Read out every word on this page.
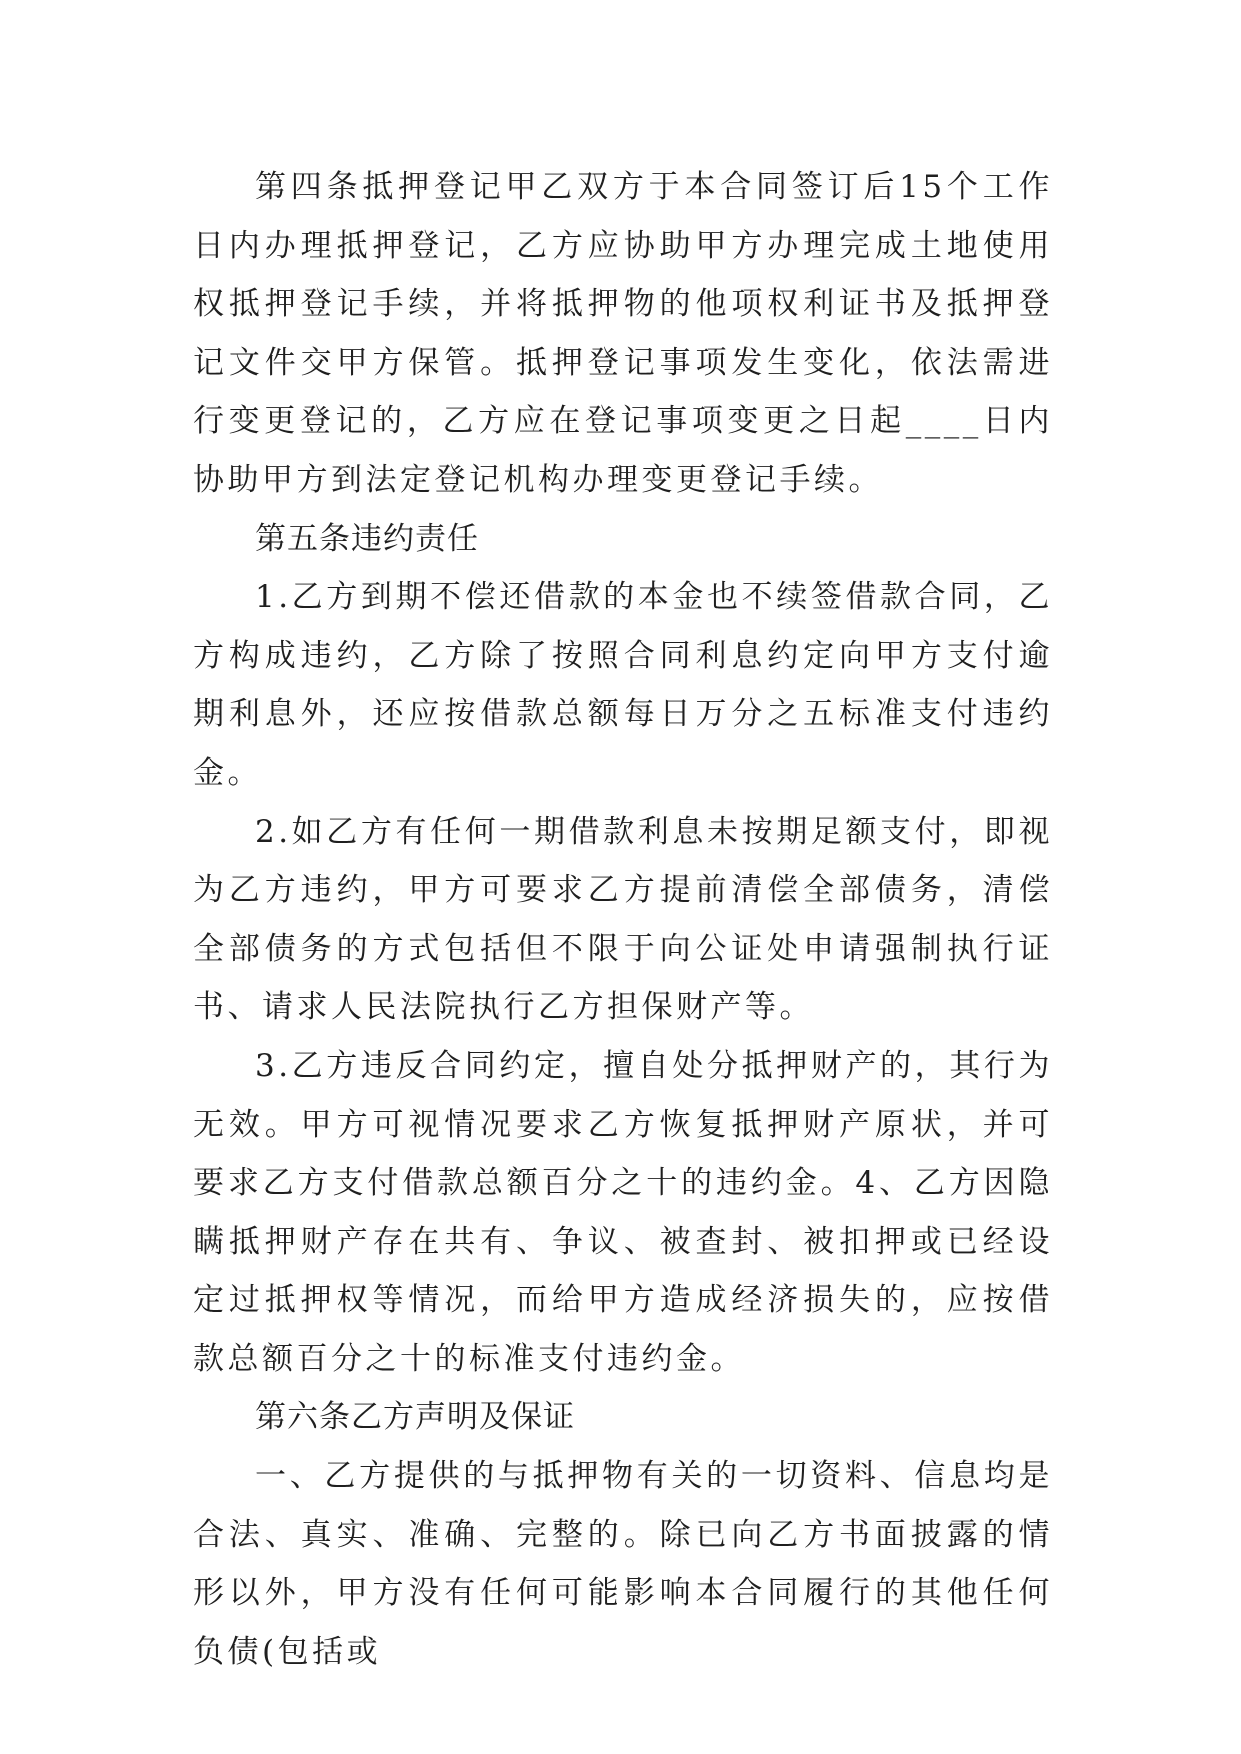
第四条抵押登记甲乙双方于本合同签订后15个工作日内办理抵押登记，乙方应协助甲方办理完成土地使用权抵押登记手续，并将抵押物的他项权利证书及抵押登记文件交甲方保管。抵押登记事项发生变化，依法需进行变更登记的，乙方应在登记事项变更之日起____日内协助甲方到法定登记机构办理变更登记手续。

第五条违约责任

1.乙方到期不偿还借款的本金也不续签借款合同，乙方构成违约，乙方除了按照合同利息约定向甲方支付逾期利息外，还应按借款总额每日万分之五标准支付违约金。

2.如乙方有任何一期借款利息未按期足额支付，即视为乙方违约，甲方可要求乙方提前清偿全部债务，清偿全部债务的方式包括但不限于向公证处申请强制执行证书、请求人民法院执行乙方担保财产等。

3.乙方违反合同约定，擅自处分抵押财产的，其行为无效。甲方可视情况要求乙方恢复抵押财产原状，并可要求乙方支付借款总额百分之十的违约金。4、乙方因隐瞒抵押财产存在共有、争议、被查封、被扣押或已经设定过抵押权等情况，而给甲方造成经济损失的，应按借款总额百分之十的标准支付违约金。

第六条乙方声明及保证

一、乙方提供的与抵押物有关的一切资料、信息均是合法、真实、准确、完整的。除已向乙方书面披露的情形以外，甲方没有任何可能影响本合同履行的其他任何负债(包括或
